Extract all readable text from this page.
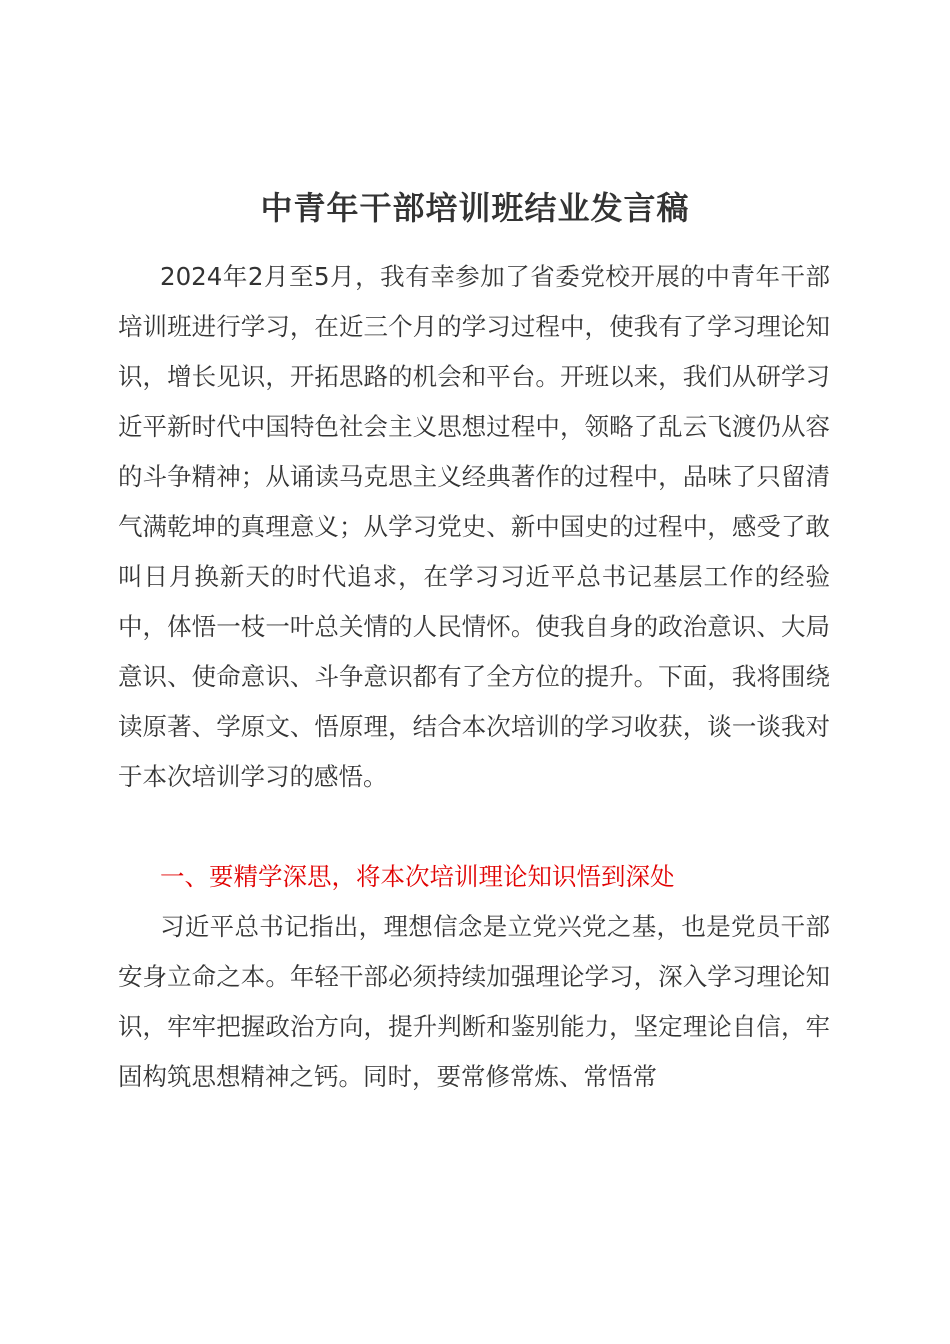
中青年干部培训班结业发言稿
2024年2月至5月，我有幸参加了省委党校开展的中青年干部培训班进行学习，在近三个月的学习过程中，使我有了学习理论知识，增长见识，开拓思路的机会和平台。开班以来，我们从研学习近平新时代中国特色社会主义思想过程中，领略了乱云飞渡仍从容的斗争精神；从诵读马克思主义经典著作的过程中，品味了只留清气满乾坤的真理意义；从学习党史、新中国史的过程中，感受了敢叫日月换新天的时代追求，在学习习近平总书记基层工作的经验中，体悟一枝一叶总关情的人民情怀。使我自身的政治意识、大局意识、使命意识、斗争意识都有了全方位的提升。下面，我将围绕读原著、学原文、悟原理，结合本次培训的学习收获，谈一谈我对于本次培训学习的感悟。
一、要精学深思，将本次培训理论知识悟到深处
习近平总书记指出，理想信念是立党兴党之基，也是党员干部安身立命之本。年轻干部必须持续加强理论学习，深入学习理论知识，牢牢把握政治方向，提升判断和鉴别能力，坚定理论自信，牢固构筑思想精神之钙。同时，要常修常炼、常悟常
